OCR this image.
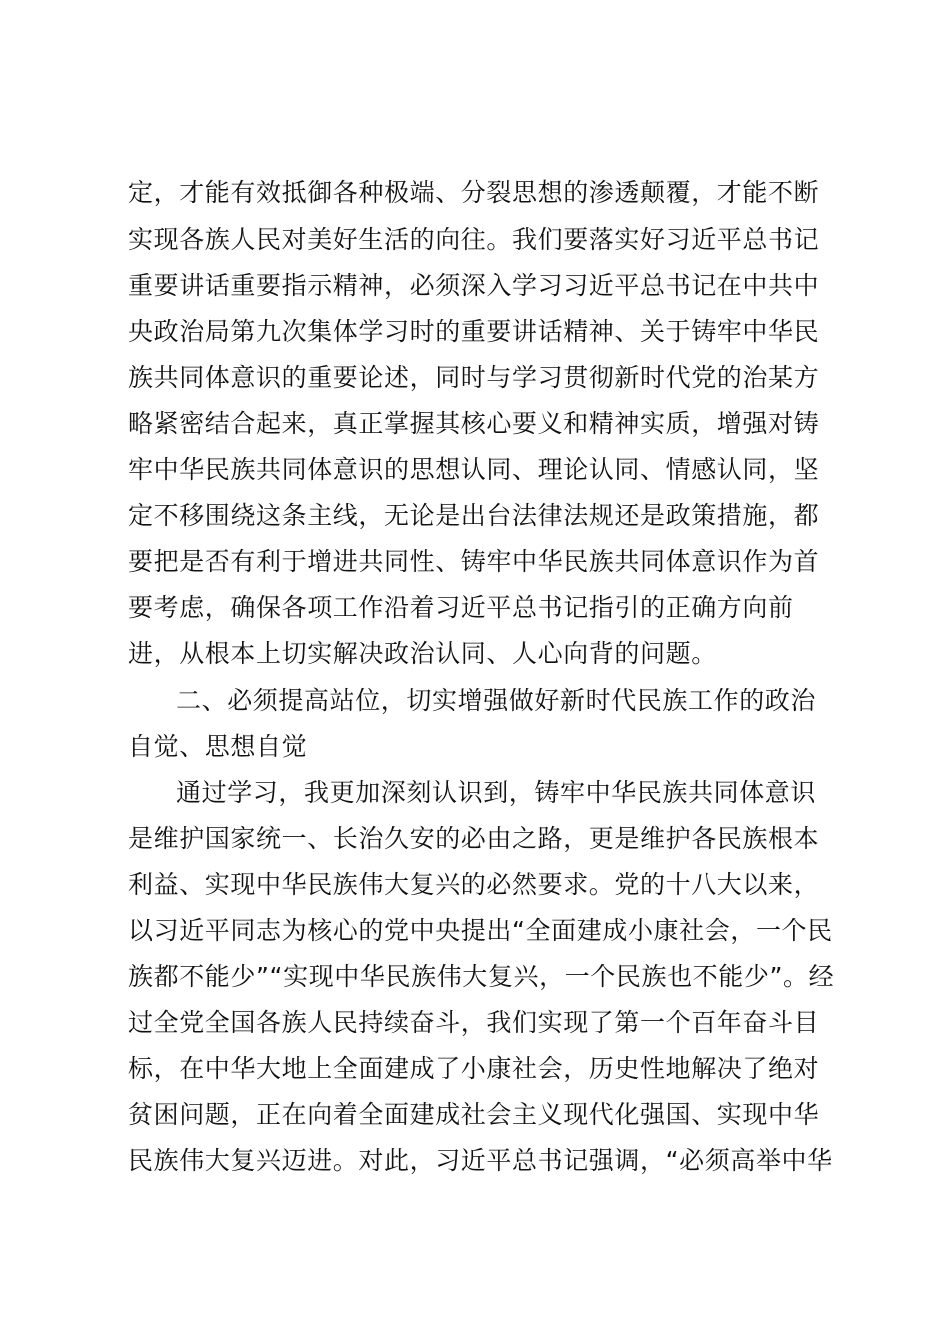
定，才能有效抵御各种极端、分裂思想的渗透颠覆，才能不断
实现各族人民对美好生活的向往。我们要落实好习近平总书记
重要讲话重要指示精神，必须深入学习习近平总书记在中共中
央政治局第九次集体学习时的重要讲话精神、关于铸牢中华民
族共同体意识的重要论述，同时与学习贯彻新时代党的治某方
略紧密结合起来，真正掌握其核心要义和精神实质，增强对铸
牢中华民族共同体意识的思想认同、理论认同、情感认同，坚
定不移围绕这条主线，无论是出台法律法规还是政策措施，都
要把是否有利于增进共同性、铸牢中华民族共同体意识作为首
要考虑，确保各项工作沿着习近平总书记指引的正确方向前
进，从根本上切实解决政治认同、人心向背的问题。
二、必须提高站位，切实增强做好新时代民族工作的政治
自觉、思想自觉
通过学习，我更加深刻认识到，铸牢中华民族共同体意识
是维护国家统一、长治久安的必由之路，更是维护各民族根本
利益、实现中华民族伟大复兴的必然要求。党的十八大以来，
以习近平同志为核心的党中央提出“全面建成小康社会，一个民
族都不能少”“实现中华民族伟大复兴，一个民族也不能少”。经
过全党全国各族人民持续奋斗，我们实现了第一个百年奋斗目
标，在中华大地上全面建成了小康社会，历史性地解决了绝对
贫困问题，正在向着全面建成社会主义现代化强国、实现中华
民族伟大复兴迈进。对此，习近平总书记强调，“必须高举中华
